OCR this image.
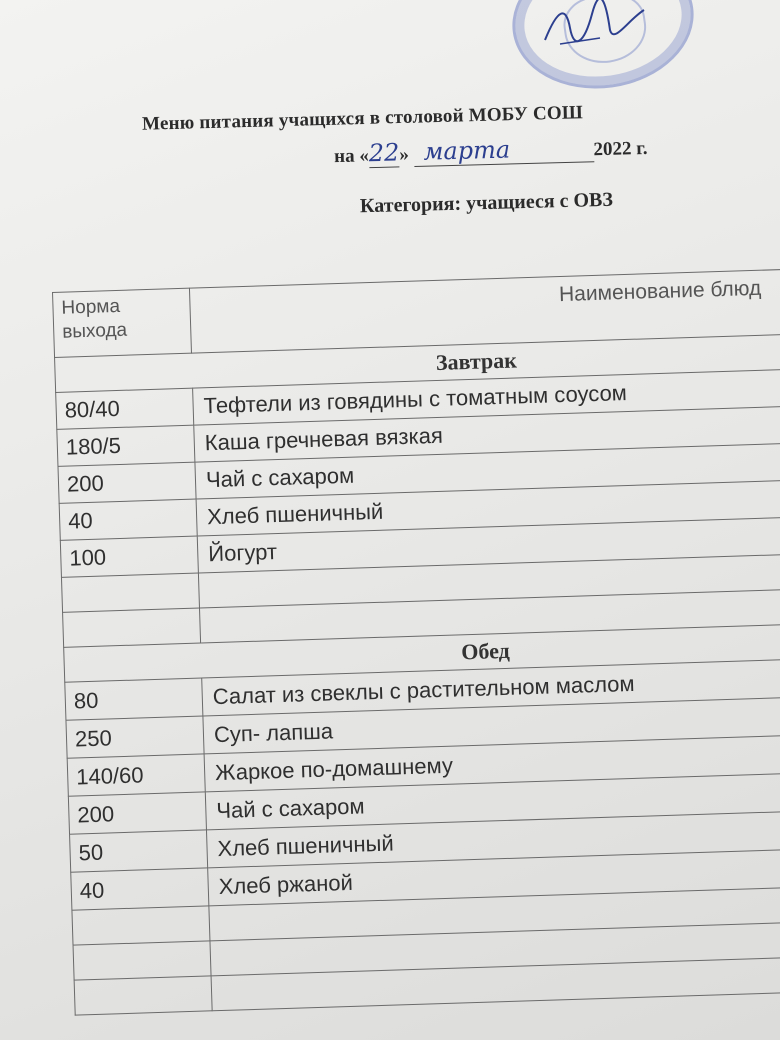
Меню питания учащихся в столовой МОБУ СОШ
на «22» марта	2022 г.
Категория: учащиеся с ОВЗ
Норма выхода	Наименование блюд
Завтрак	
80/40	Тефтели из говядины с томатным соусом
180/5	Каша гречневая вязкая
200	Чай с сахаром
40	Хлеб пшеничный
100	Йогурт

Обед	
80	Салат из свеклы с растительном маслом
250	Суп- лапша
140/60	Жаркое по-домашнему
200	Чай с сахаром
50	Хлеб пшеничный
40	Хлеб ржаной
